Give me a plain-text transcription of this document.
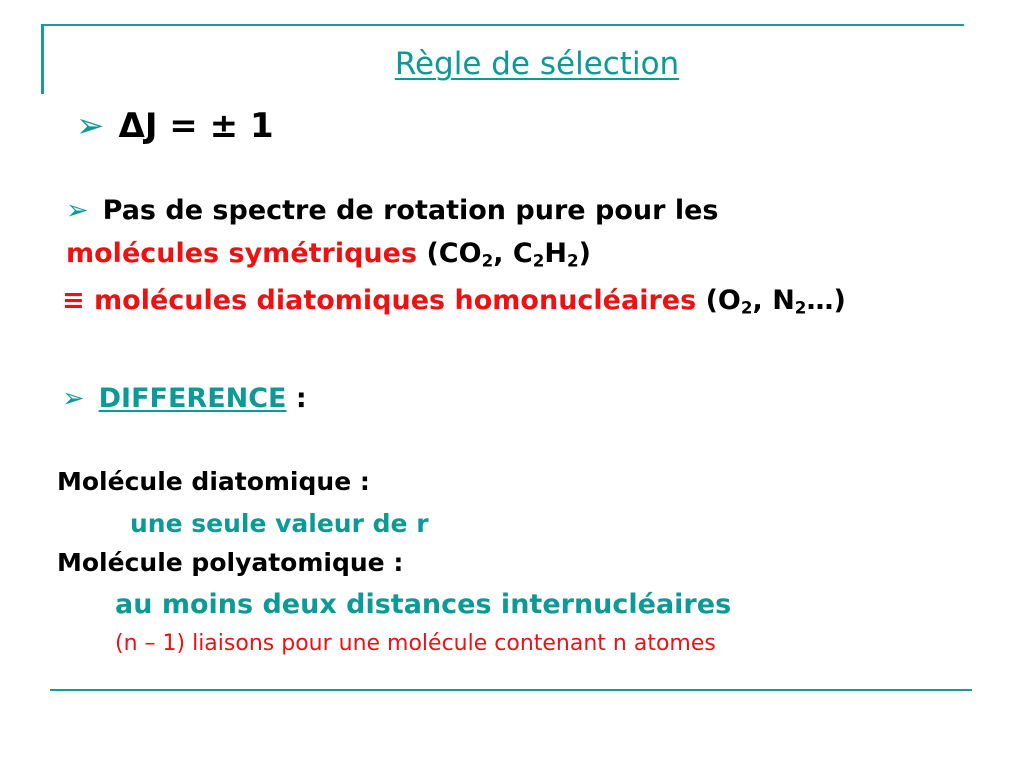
Règle de sélection
➢ ΔJ = ± 1
➢ Pas de spectre de rotation pure pour les
molécules symétriques ($CO_2$, $C_2H_2$)
≡ molécules diatomiques homonucléaires ($O_2$, $N_2\dots$)
➢ DIFFERENCE :
Molécule diatomique :
une seule valeur de r
Molécule polyatomique :
au moins deux distances internucléaires
(n – 1) liaisons pour une molécule contenant n atomes
